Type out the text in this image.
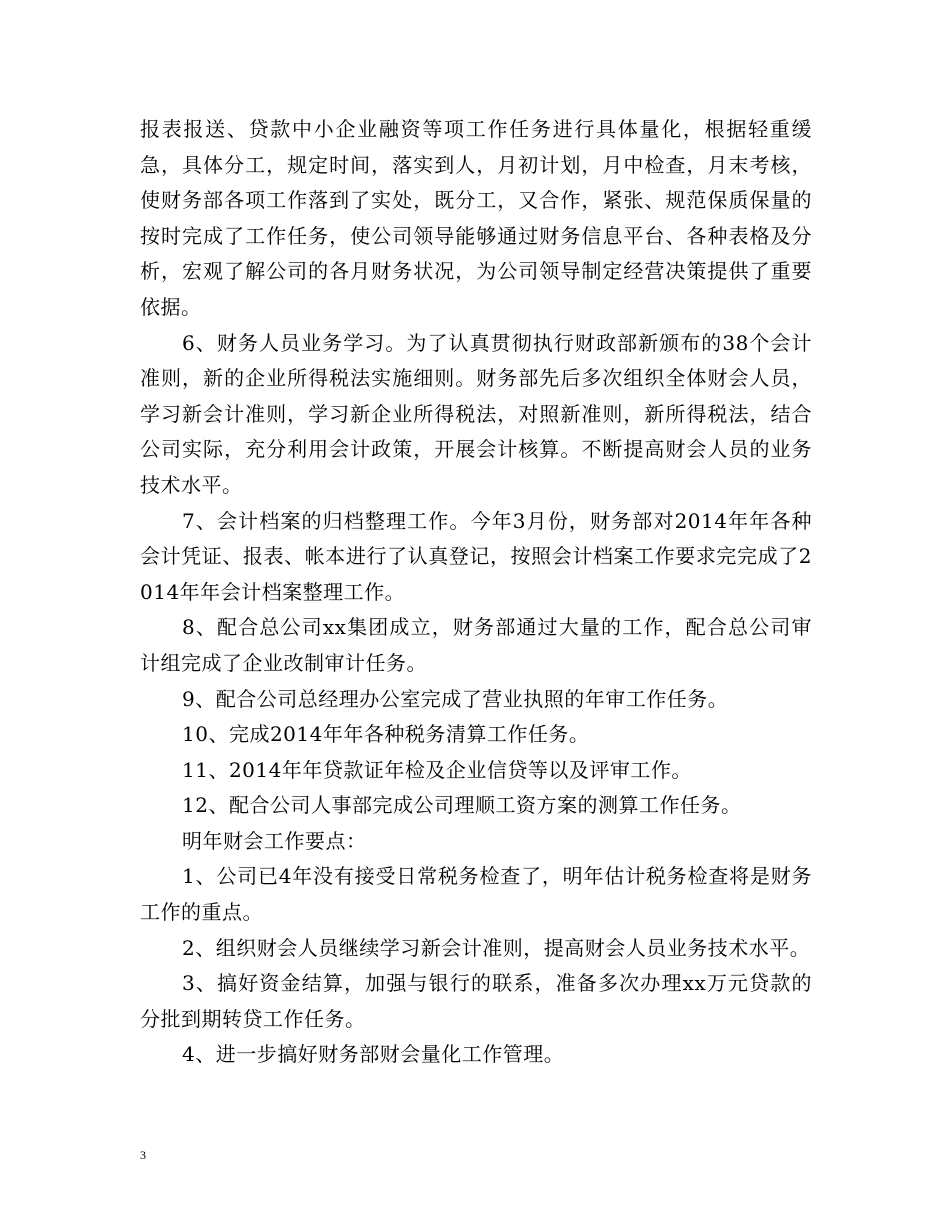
报表报送、贷款中小企业融资等项工作任务进行具体量化，根据轻重缓急，具体分工，规定时间，落实到人，月初计划，月中检查，月末考核，使财务部各项工作落到了实处，既分工，又合作，紧张、规范保质保量的按时完成了工作任务，使公司领导能够通过财务信息平台、各种表格及分析，宏观了解公司的各月财务状况，为公司领导制定经营决策提供了重要依据。

6、财务人员业务学习。为了认真贯彻执行财政部新颁布的38个会计准则，新的企业所得税法实施细则。财务部先后多次组织全体财会人员，学习新会计准则，学习新企业所得税法，对照新准则，新所得税法，结合公司实际，充分利用会计政策，开展会计核算。不断提高财会人员的业务技术水平。

7、会计档案的归档整理工作。今年3月份，财务部对2014年年各种会计凭证、报表、帐本进行了认真登记，按照会计档案工作要求完完成了2014年年会计档案整理工作。

8、配合总公司xx集团成立，财务部通过大量的工作，配合总公司审计组完成了企业改制审计任务。

9、配合公司总经理办公室完成了营业执照的年审工作任务。

10、完成2014年年各种税务清算工作任务。

11、2014年年贷款证年检及企业信贷等以及评审工作。

12、配合公司人事部完成公司理顺工资方案的测算工作任务。

明年财会工作要点：

1、公司已4年没有接受日常税务检查了，明年估计税务检查将是财务工作的重点。

2、组织财会人员继续学习新会计准则，提高财会人员业务技术水平。

3、搞好资金结算，加强与银行的联系，准备多次办理xx万元贷款的分批到期转贷工作任务。

4、进一步搞好财务部财会量化工作管理。

3
